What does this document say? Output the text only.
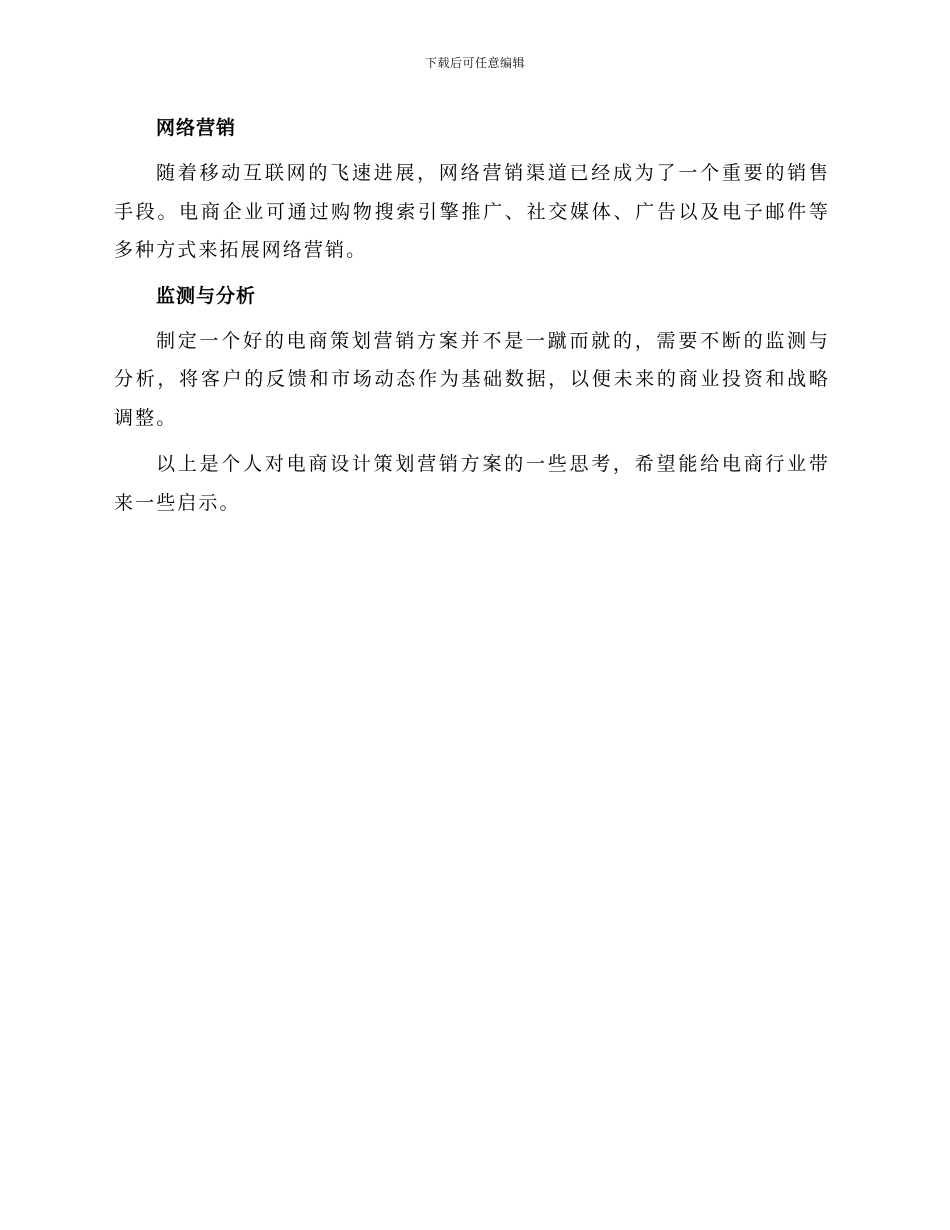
下载后可任意编辑
网络营销

随着移动互联网的飞速进展，网络营销渠道已经成为了一个重要的销售手段。电商企业可通过购物搜索引擎推广、社交媒体、广告以及电子邮件等多种方式来拓展网络营销。

监测与分析

制定一个好的电商策划营销方案并不是一蹴而就的，需要不断的监测与分析，将客户的反馈和市场动态作为基础数据，以便未来的商业投资和战略调整。

以上是个人对电商设计策划营销方案的一些思考，希望能给电商行业带来一些启示。
